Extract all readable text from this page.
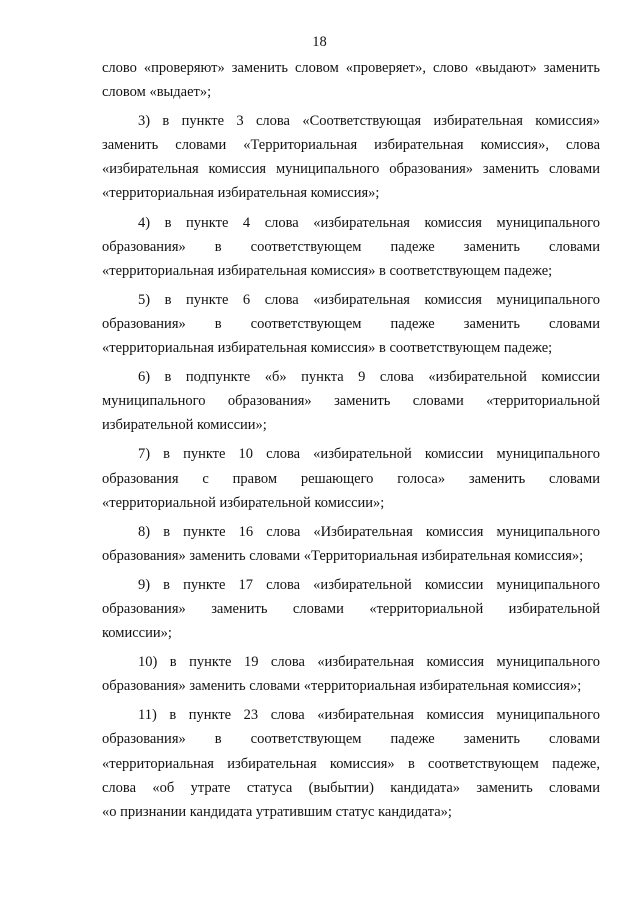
18
слово «проверяют» заменить словом «проверяет», слово «выдают» заменить
словом «выдает»;
3) в пункте 3 слова «Соответствующая избирательная комиссия»
заменить словами «Территориальная избирательная комиссия», слова
«избирательная комиссия муниципального образования» заменить словами
«территориальная избирательная комиссия»;
4) в пункте 4 слова «избирательная комиссия муниципального
образования» в соответствующем падеже заменить словами
«территориальная избирательная комиссия» в соответствующем падеже;
5) в пункте 6 слова «избирательная комиссия муниципального
образования» в соответствующем падеже заменить словами
«территориальная избирательная комиссия» в соответствующем падеже;
6) в подпункте «б» пункта 9 слова «избирательной комиссии
муниципального образования» заменить словами «территориальной
избирательной комиссии»;
7) в пункте 10 слова «избирательной комиссии муниципального
образования с правом решающего голоса» заменить словами
«территориальной избирательной комиссии»;
8) в пункте 16 слова «Избирательная комиссия муниципального
образования» заменить словами «Территориальная избирательная комиссия»;
9) в пункте 17 слова «избирательной комиссии муниципального
образования» заменить словами «территориальной избирательной
комиссии»;
10) в пункте 19 слова «избирательная комиссия муниципального
образования» заменить словами «территориальная избирательная комиссия»;
11) в пункте 23 слова «избирательная комиссия муниципального
образования» в соответствующем падеже заменить словами
«территориальная избирательная комиссия» в соответствующем падеже,
слова «об утрате статуса (выбытии) кандидата» заменить словами
«о признании кандидата утратившим статус кандидата»;
